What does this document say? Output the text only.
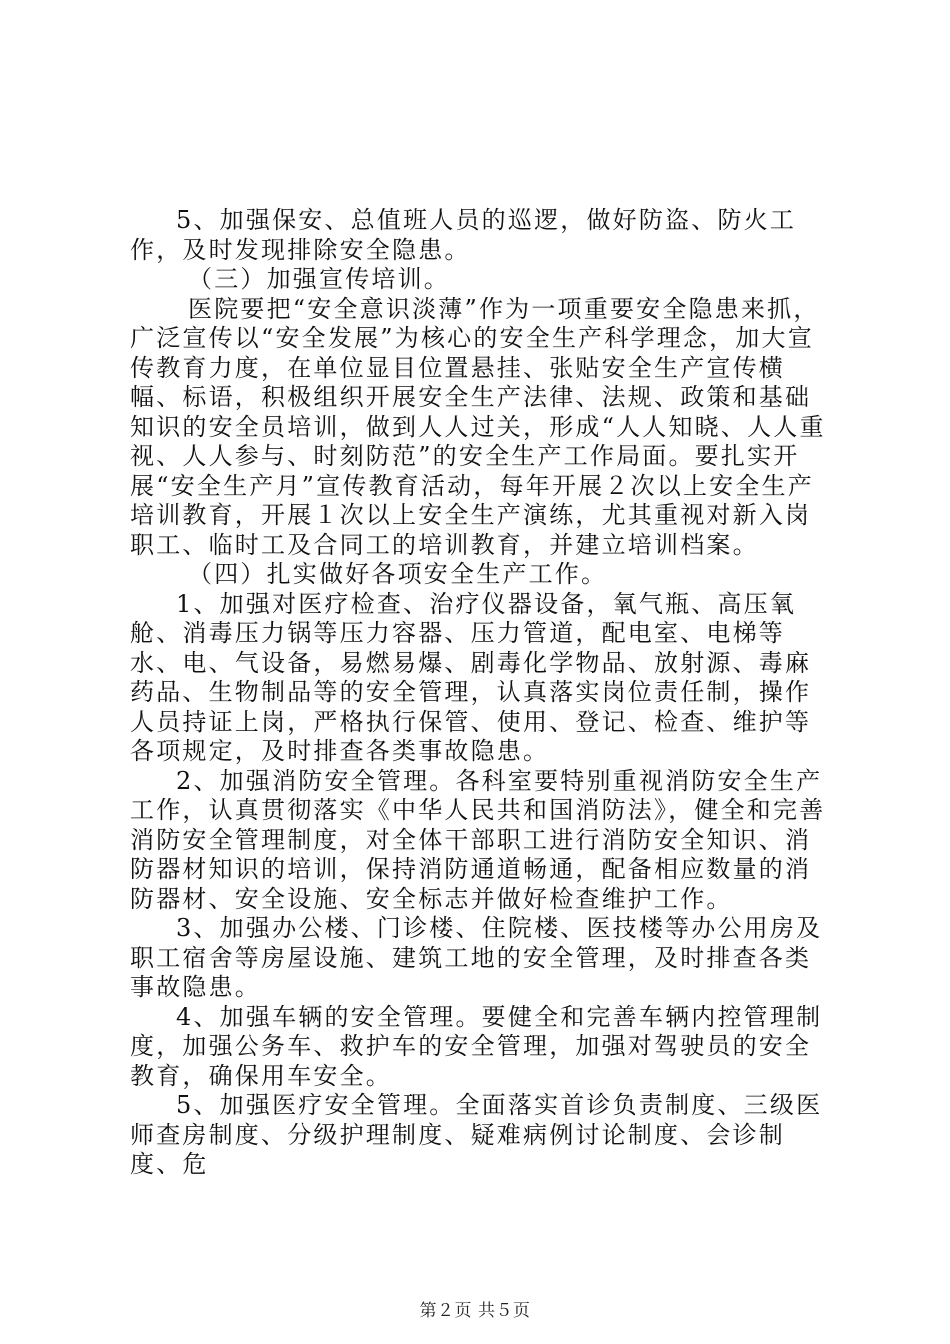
5、加强保安、总值班人员的巡逻，做好防盗、防火工作，及时发现排除安全隐患。

（三）加强宣传培训。

医院要把“安全意识淡薄”作为一项重要安全隐患来抓，广泛宣传以“安全发展”为核心的安全生产科学理念，加大宣传教育力度，在单位显目位置悬挂、张贴安全生产宣传横幅、标语，积极组织开展安全生产法律、法规、政策和基础知识的安全员培训，做到人人过关，形成“人人知晓、人人重视、人人参与、时刻防范”的安全生产工作局面。要扎实开展“安全生产月”宣传教育活动，每年开展２次以上安全生产培训教育，开展１次以上安全生产演练，尤其重视对新入岗职工、临时工及合同工的培训教育，并建立培训档案。

（四）扎实做好各项安全生产工作。

1、加强对医疗检查、治疗仪器设备，氧气瓶、高压氧舱、消毒压力锅等压力容器、压力管道，配电室、电梯等水、电、气设备，易燃易爆、剧毒化学物品、放射源、毒麻药品、生物制品等的安全管理，认真落实岗位责任制，操作人员持证上岗，严格执行保管、使用、登记、检查、维护等各项规定，及时排查各类事故隐患。

2、加强消防安全管理。各科室要特别重视消防安全生产工作，认真贯彻落实《中华人民共和国消防法》，健全和完善消防安全管理制度，对全体干部职工进行消防安全知识、消防器材知识的培训，保持消防通道畅通，配备相应数量的消防器材、安全设施、安全标志并做好检查维护工作。

3、加强办公楼、门诊楼、住院楼、医技楼等办公用房及职工宿舍等房屋设施、建筑工地的安全管理，及时排查各类事故隐患。

4、加强车辆的安全管理。要健全和完善车辆内控管理制度，加强公务车、救护车的安全管理，加强对驾驶员的安全教育，确保用车安全。

5、加强医疗安全管理。全面落实首诊负责制度、三级医师查房制度、分级护理制度、疑难病例讨论制度、会诊制度、危

第２页 共５页
